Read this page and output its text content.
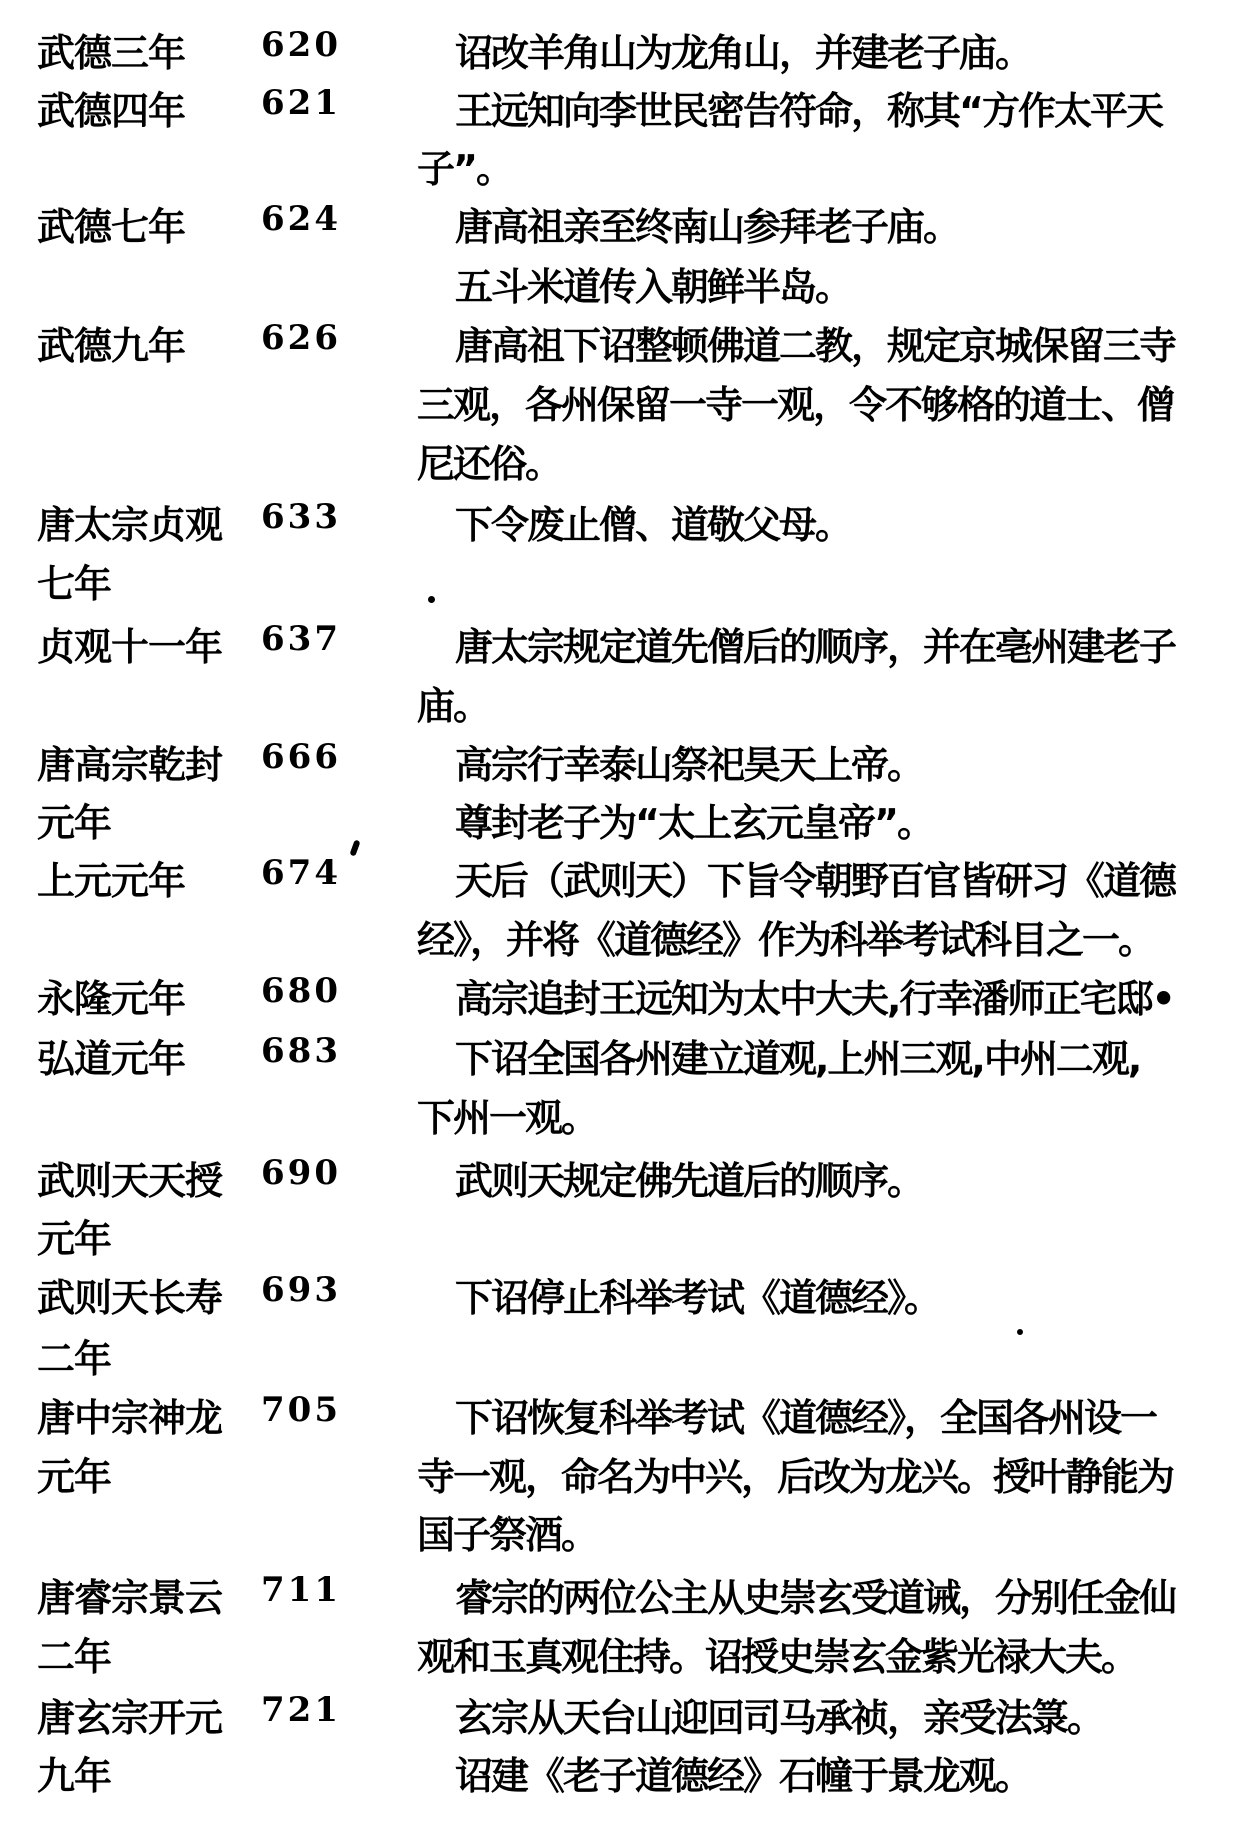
武德三年 620	诏改羊角山为龙角山，并建老子庙。
武德四年 621	王远知向李世民密告符命，称其“方作太平天
子”。
武德七年 624	唐高祖亲至终南山参拜老子庙。
五斗米道传入朝鲜半岛。
武德九年 626	唐高祖下诏整顿佛道二教，规定京城保留三寺
三观，各州保留一寺一观，令不够格的道士、僧
尼还俗。
唐太宗贞观 633	下令废止僧、道敬父母。
七年
贞观十一年 637	唐太宗规定道先僧后的顺序，并在亳州建老子
庙。
唐高宗乾封 666	高宗行幸泰山祭祀昊天上帝。
元年	尊封老子为“太上玄元皇帝”。
上元元年 674	天后（武则天）下旨令朝野百官皆研习《道德
经》，并将《道德经》作为科举考试科目之一。
永隆元年 680	高宗追封王远知为太中大夫,行幸潘师正宅邸•
弘道元年 683	下诏全国各州建立道观,上州三观,中州二观,
下州一观。
武则天天授 690	武则天规定佛先道后的顺序。
元年
武则天长寿 693	下诏停止科举考试《道德经》。
二年
唐中宗神龙 705	下诏恢复科举考试《道德经》，全国各州设一
元年	寺一观，命名为中兴，后改为龙兴。授叶静能为
国子祭酒。
唐睿宗景云 711	睿宗的两位公主从史崇玄受道诫，分别任金仙
二年	观和玉真观住持。诏授史崇玄金紫光禄大夫。
唐玄宗开元 721	玄宗从天台山迎回司马承祯，亲受法箓。
九年	诏建《老子道德经》石幢于景龙观。
